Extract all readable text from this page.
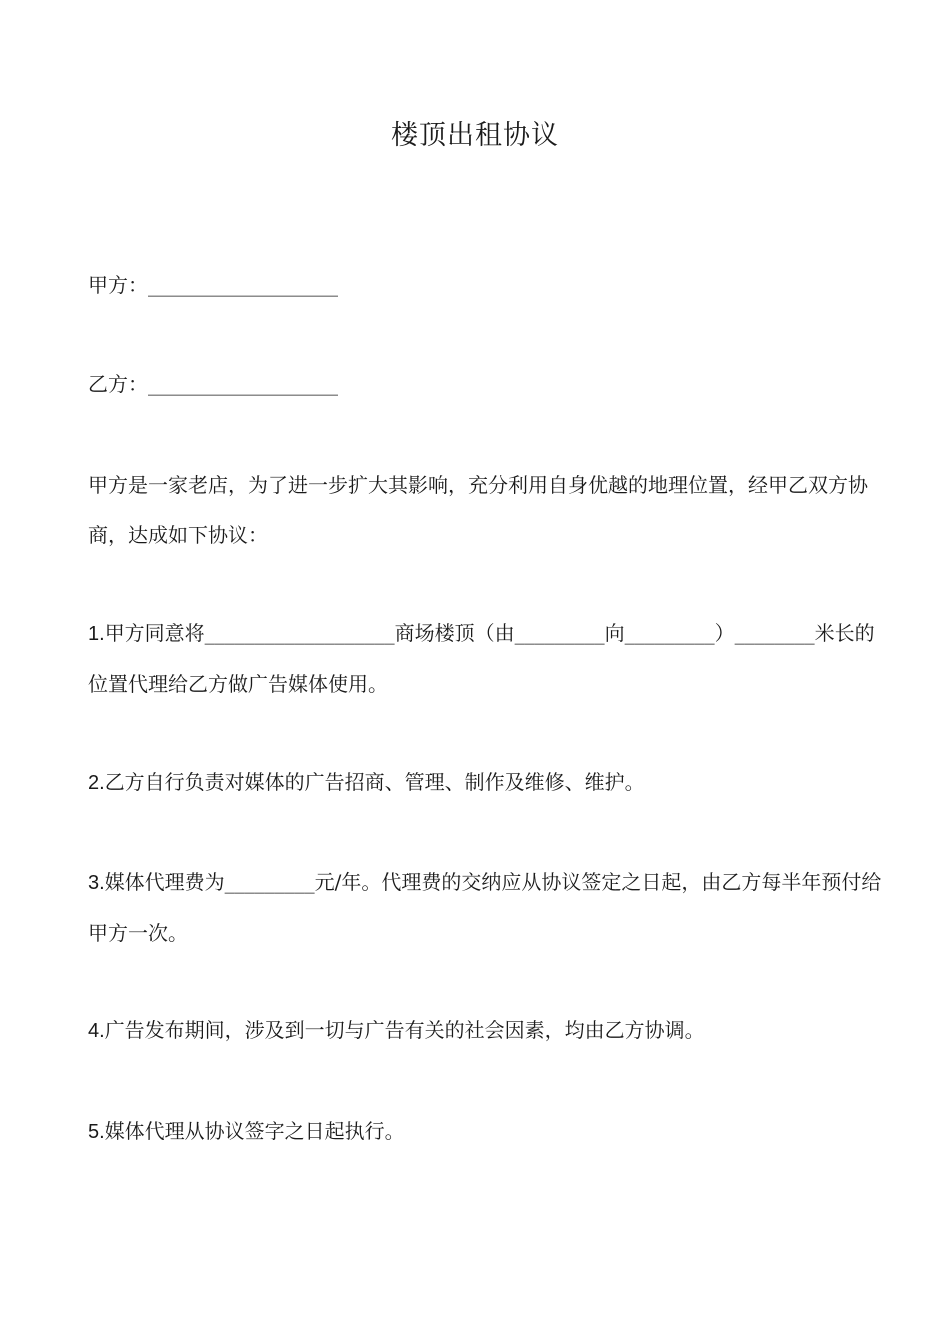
楼顶出租协议
甲方：___________________
乙方：___________________
甲方是一家老店，为了进一步扩大其影响，充分利用自身优越的地理位置，经甲乙双方协商，达成如下协议：
1.甲方同意将___________________商场楼顶（由_________向_________）________米长的位置代理给乙方做广告媒体使用。
2.乙方自行负责对媒体的广告招商、管理、制作及维修、维护。
3.媒体代理费为_________元/年。代理费的交纳应从协议签定之日起，由乙方每半年预付给甲方一次。
4.广告发布期间，涉及到一切与广告有关的社会因素，均由乙方协调。
5.媒体代理从协议签字之日起执行。
